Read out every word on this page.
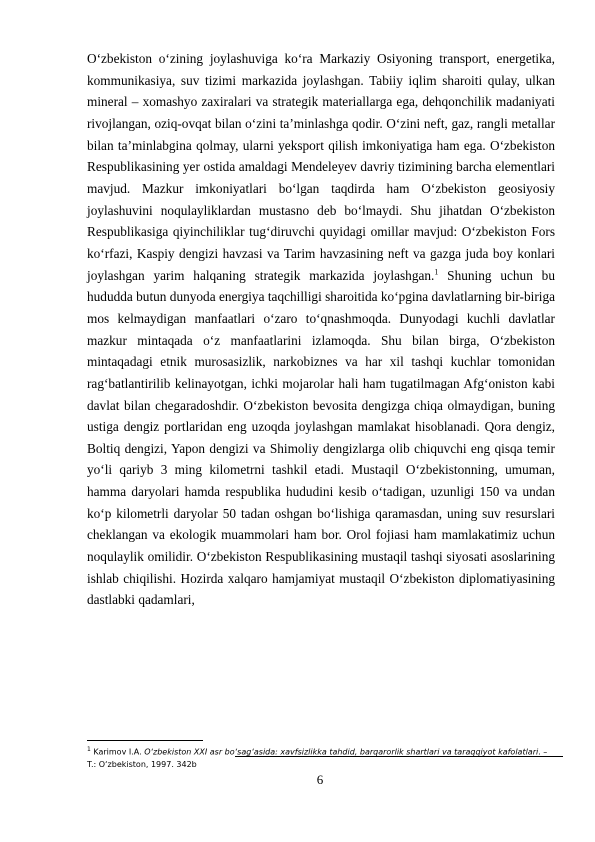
O‘zbekiston o‘zining joylashuviga ko‘ra Markaziy Osiyoning transport, energetika, kommunikasiya, suv tizimi markazida joylashgan. Tabiiy iqlim sharoiti qulay, ulkan mineral – xomashyo zaxiralari va strategik materiallarga ega, dehqonchilik madaniyati rivojlangan, oziq-ovqat bilan o‘zini ta’minlashga qodir. O‘zini neft, gaz, rangli metallar bilan ta’minlabgina qolmay, ularni yeksport qilish imkoniyatiga ham ega. O‘zbekiston Respublikasining yer ostida amaldagi Mendeleyev davriy tizimining barcha elementlari mavjud. Mazkur imkoniyatlari bo‘lgan taqdirda ham O‘zbekiston geosiyosiy joylashuvini noqulayliklardan mustasno deb bo‘lmaydi. Shu jihatdan O‘zbekiston Respublikasiga qiyinchiliklar tug‘diruvchi quyidagi omillar mavjud: O‘zbekiston Fors ko‘rfazi, Kaspiy dengizi havzasi va Tarim havzasining neft va gazga juda boy konlari joylashgan yarim halqaning strategik markazida joylashgan.$^1$ Shuning uchun bu hududda butun dunyoda energiya taqchilligi sharoitida ko‘pgina davlatlarning bir-biriga mos kelmaydigan manfaatlari o‘zaro to‘qnashmoqda. Dunyodagi kuchli davlatlar mazkur mintaqada o‘z manfaatlarini izlamoqda. Shu bilan birga, O‘zbekiston mintaqadagi etnik murosasizlik, narkobiznes va har xil tashqi kuchlar tomonidan rag‘batlantirilib kelinayotgan, ichki mojarolar hali ham tugatilmagan Afg‘oniston kabi davlat bilan chegaradoshdir. O‘zbekiston bevosita dengizga chiqa olmaydigan, buning ustiga dengiz portlaridan eng uzoqda joylashgan mamlakat hisoblanadi. Qora dengiz, Boltiq dengizi, Yapon dengizi va Shimoliy dengizlarga olib chiquvchi eng qisqa temir yo‘li qariyb 3 ming kilometrni tashkil etadi. Mustaqil O‘zbekistonning, umuman, hamma daryolari hamda respublika hududini kesib o‘tadigan, uzunligi 150 va undan ko‘p kilometrli daryolar 50 tadan oshgan bo‘lishiga qaramasdan, uning suv resurslari cheklangan va ekologik muammolari ham bor. Orol fojiasi ham mamlakatimiz uchun noqulaylik omilidir. O‘zbekiston Respublikasining mustaqil tashqi siyosati asoslarining ishlab chiqilishi. Hozirda xalqaro hamjamiyat mustaqil O‘zbekiston diplomatiyasining dastlabki qadamlari,

$^1$ Karimov I.A. O‘zbekiston XXI asr bo‘sag‘asida: xavfsizlikka tahdid, barqarorlik shartlari va taraqqiyot kafolatlari. – T.: O‘zbekiston, 1997. 342b

6
